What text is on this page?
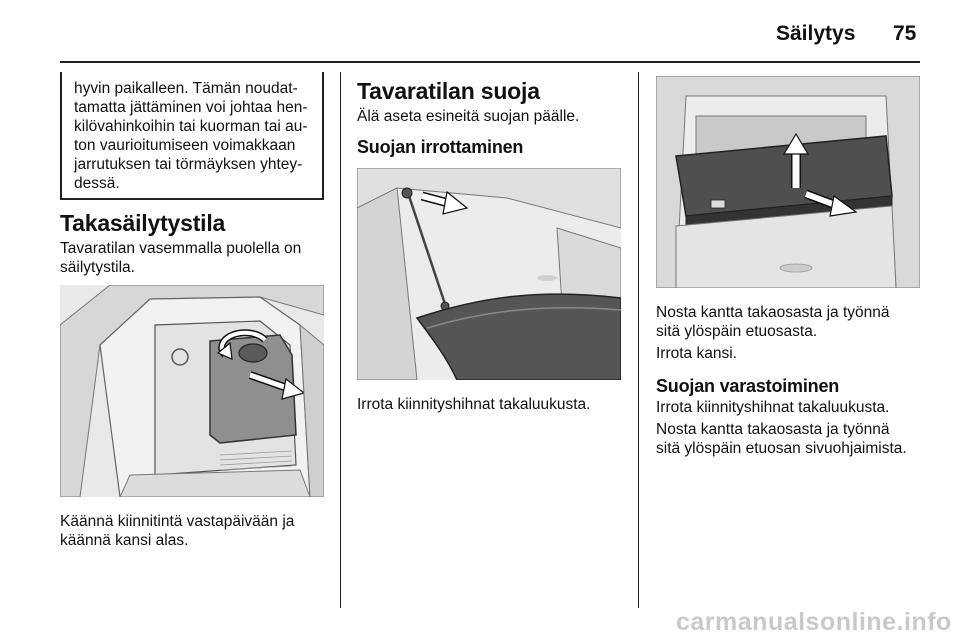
Säilytys 75
hyvin paikalleen. Tämän noudat-
tamatta jättäminen voi johtaa hen-
kilövahinkoihin tai kuorman tai au-
ton vaurioitumiseen voimakkaan
jarrutuksen tai törmäyksen yhtey-
dessä.
Takasäilytystila
Tavaratilan vasemmalla puolella on
säilytystila.
Käännä kiinnitintä vastapäivään ja
käännä kansi alas.
Tavaratilan suoja
Älä aseta esineitä suojan päälle.
Suojan irrottaminen
Irrota kiinnityshihnat takaluukusta.
Nosta kantta takaosasta ja työnnä
sitä ylöspäin etuosasta.
Irrota kansi.
Suojan varastoiminen
Irrota kiinnityshihnat takaluukusta.
Nosta kantta takaosasta ja työnnä
sitä ylöspäin etuosan sivuohjaimista.
carmanualsonline.info
